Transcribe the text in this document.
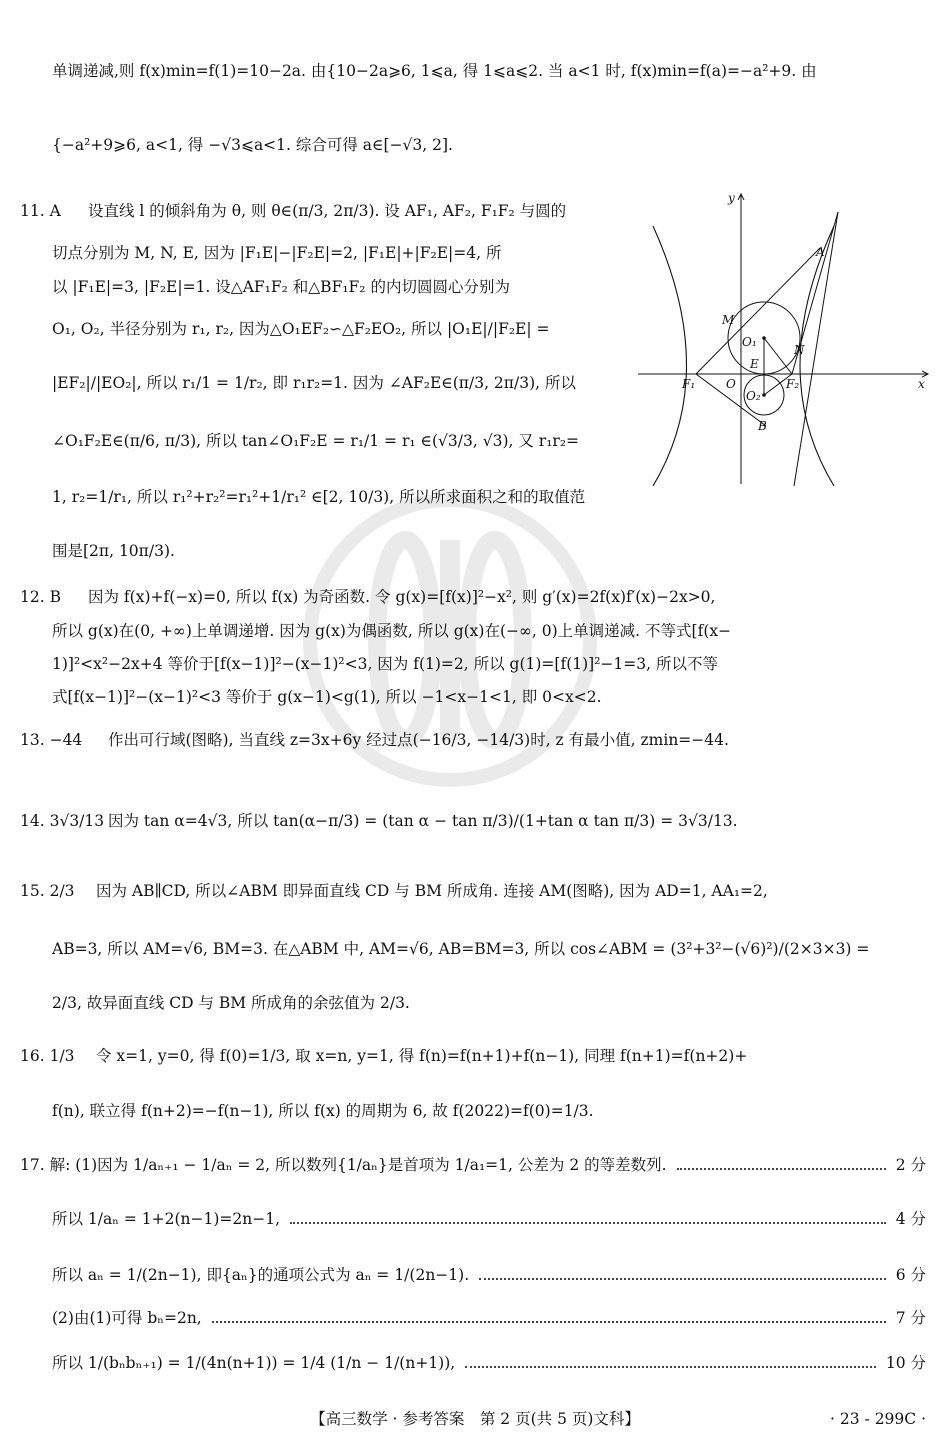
单调递减,则 f(x)min=f(1)=10−2a. 由{10−2a⩾6, 1⩽a, 得 1⩽a⩽2. 当 a<1 时, f(x)min=f(a)=−a²+9. 由
{−a²+9⩾6, a<1, 得 −√3⩽a<1. 综合可得 a∈[−√3, 2].
11. A 设直线 l 的倾斜角为 θ, 则 θ∈(π/3, 2π/3). 设 AF₁, AF₂, F₁F₂ 与圆的
切点分别为 M, N, E, 因为 |F₁E|−|F₂E|=2, |F₁E|+|F₂E|=4, 所
以 |F₁E|=3, |F₂E|=1. 设△AF₁F₂ 和△BF₁F₂ 的内切圆圆心分别为
O₁, O₂, 半径分别为 r₁, r₂, 因为△O₁EF₂∽△F₂EO₂, 所以 |O₁E|/|F₂E| =
|EF₂|/|EO₂|, 所以 r₁/1 = 1/r₂, 即 r₁r₂=1. 因为 ∠AF₂E∈(π/3, 2π/3), 所以
∠O₁F₂E∈(π/6, π/3), 所以 tan∠O₁F₂E = r₁/1 = r₁ ∈(√3/3, √3), 又 r₁r₂=
1, r₂=1/r₁, 所以 r₁²+r₂²=r₁²+1/r₁² ∈[2, 10/3), 所以所求面积之和的取值范
围是[2π, 10π/3).
y
x
A
M
O₁
N
E
F₁	O	F₂
O₂
B
12. B 因为 f(x)+f(−x)=0, 所以 f(x) 为奇函数. 令 g(x)=[f(x)]²−x², 则 g′(x)=2f(x)f′(x)−2x>0,
所以 g(x)在(0, +∞)上单调递增. 因为 g(x)为偶函数, 所以 g(x)在(−∞, 0)上单调递减. 不等式[f(x−
1)]²<x²−2x+4 等价于[f(x−1)]²−(x−1)²<3, 因为 f(1)=2, 所以 g(1)=[f(1)]²−1=3, 所以不等
式[f(x−1)]²−(x−1)²<3 等价于 g(x−1)<g(1), 所以 −1<x−1<1, 即 0<x<2.
13. −44 作出可行域(图略), 当直线 z=3x+6y 经过点(−16/3, −14/3)时, z 有最小值, zmin=−44.
14. 3√3/13 因为 tan α=4√3, 所以 tan(α−π/3) = (tan α − tan π/3)/(1+tan α tan π/3) = 3√3/13.
15. 2/3 因为 AB∥CD, 所以∠ABM 即异面直线 CD 与 BM 所成角. 连接 AM(图略), 因为 AD=1, AA₁=2,
AB=3, 所以 AM=√6, BM=3. 在△ABM 中, AM=√6, AB=BM=3, 所以 cos∠ABM = (3²+3²−(√6)²)/(2×3×3) =
2/3, 故异面直线 CD 与 BM 所成角的余弦值为 2/3.
16. 1/3 令 x=1, y=0, 得 f(0)=1/3, 取 x=n, y=1, 得 f(n)=f(n+1)+f(n−1), 同理 f(n+1)=f(n+2)+
f(n), 联立得 f(n+2)=−f(n−1), 所以 f(x) 的周期为 6, 故 f(2022)=f(0)=1/3.
17. 解: (1)因为 1/aₙ₊₁ − 1/aₙ = 2, 所以数列{1/aₙ}是首项为 1/a₁=1, 公差为 2 的等差数列.	2 分
所以 1/aₙ = 1+2(n−1)=2n−1,	4 分
所以 aₙ = 1/(2n−1), 即{aₙ}的通项公式为 aₙ = 1/(2n−1).	6 分
(2)由(1)可得 bₙ=2n,	7 分
所以 1/(bₙbₙ₊₁) = 1/(4n(n+1)) = 1/4 (1/n − 1/(n+1)),	10 分
【高三数学 · 参考答案　第 2 页(共 5 页)文科】	· 23 - 299C ·
